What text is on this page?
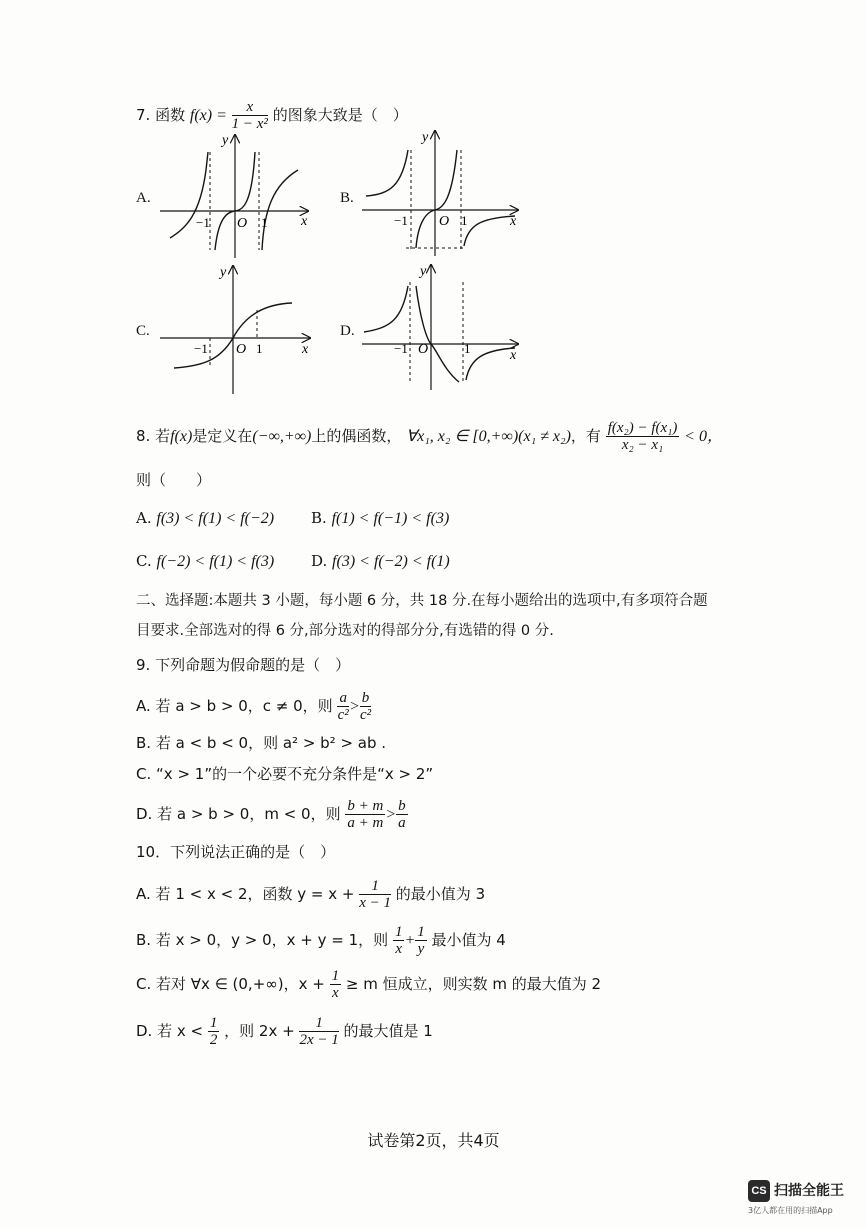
7. 函数 $f(x) = \frac{x}{\text{1 − x²}}$ 的图象大致是（　）
A.	B.
C.	D.
x
y
O
−1	1	x
y
O
−1	1
x
y
O
−1	1	x
y
O
−1	1
8. 若f(x)是定义在(−∞,+∞)上的偶函数， ∀x₁, x₂ ∈ [0,+∞)(x₁ ≠ x₂)，有 $\frac{\text{f(x₂) − f(x₁)}}{\text{x₂ − x₁}} < 0$，
则（　　）
A. f(3) < f(1) < f(−2) B. f(1) < f(−1) < f(3)
C. f(−2) < f(1) < f(3) D. f(3) < f(−2) < f(1)
二、选择题:本题共 3 小题，每小题 6 分，共 18 分.在每小题给出的选项中,有多项符合题
目要求.全部选对的得 6 分,部分选对的得部分分,有选错的得 0 分.
9. 下列命题为假命题的是（　）
A. 若 a > b > 0，c ≠ 0，则 $\frac{a}{\text{c²}} > \frac{b}{\text{c²}}$
B. 若 a < b < 0，则 a² > b² > ab .
C. “x > 1”的一个必要不充分条件是“x > 2”
D. 若 a > b > 0，m < 0，则 $\frac{b + m}{a + m} > \frac{b}{a}$
10．下列说法正确的是（　）
A. 若 1 < x < 2，函数 $y = x + \frac{1}{x - 1}$ 的最小值为 3
B. 若 x > 0，y > 0，x + y = 1，则 $\frac{1}{x} + \frac{1}{y}$ 最小值为 4
C. 若对 ∀x ∈ (0,+∞)，$x + \frac{1}{x} \ge m$ 恒成立，则实数 m 的最大值为 2
D. 若 $x < \frac{1}{2}$ ，则 $2x + \frac{1}{2x - 1}$ 的最大值是 1
试卷第2页，共4页
CS 扫描全能王
3亿人都在用的扫描App
